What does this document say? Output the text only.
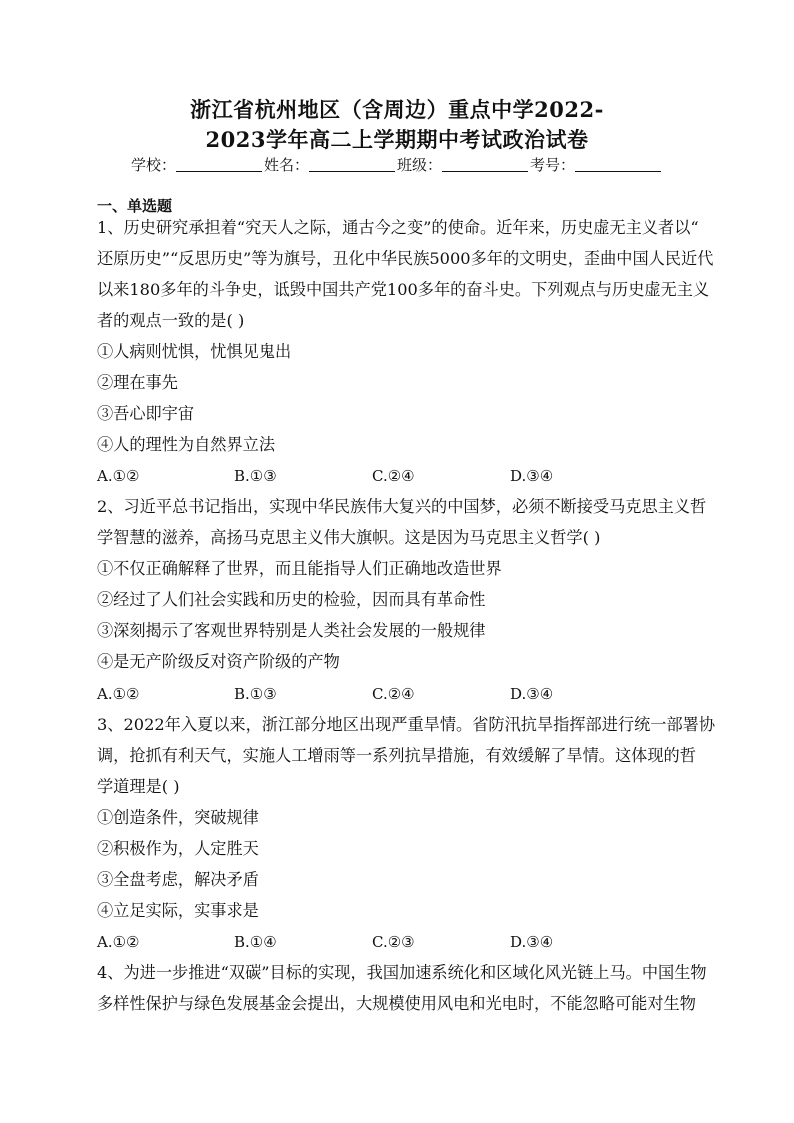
浙江省杭州地区（含周边）重点中学2022-
2023学年高二上学期期中考试政治试卷
学校：	姓名：	班级：	考号：
一、单选题
1、历史研究承担着“究天人之际，通古今之变”的使命。近年来，历史虚无主义者以“
还原历史”“反思历史”等为旗号，丑化中华民族5000多年的文明史，歪曲中国人民近代
以来180多年的斗争史，诋毁中国共产党100多年的奋斗史。下列观点与历史虚无主义
者的观点一致的是( )
①人病则忧惧，忧惧见鬼出
②理在事先
③吾心即宇宙
④人的理性为自然界立法
A.①②	B.①③	C.②④	D.③④
2、习近平总书记指出，实现中华民族伟大复兴的中国梦，必须不断接受马克思主义哲
学智慧的滋养，高扬马克思主义伟大旗帜。这是因为马克思主义哲学( )
①不仅正确解释了世界，而且能指导人们正确地改造世界
②经过了人们社会实践和历史的检验，因而具有革命性
③深刻揭示了客观世界特别是人类社会发展的一般规律
④是无产阶级反对资产阶级的产物
A.①②	B.①③	C.②④	D.③④
3、2022年入夏以来，浙江部分地区出现严重旱情。省防汛抗旱指挥部进行统一部署协
调，抢抓有利天气，实施人工增雨等一系列抗旱措施，有效缓解了旱情。这体现的哲
学道理是( )
①创造条件，突破规律
②积极作为，人定胜天
③全盘考虑，解决矛盾
④立足实际，实事求是
A.①②	B.①④	C.②③	D.③④
4、为进一步推进“双碳”目标的实现，我国加速系统化和区域化风光链上马。中国生物
多样性保护与绿色发展基金会提出，大规模使用风电和光电时，不能忽略可能对生物
